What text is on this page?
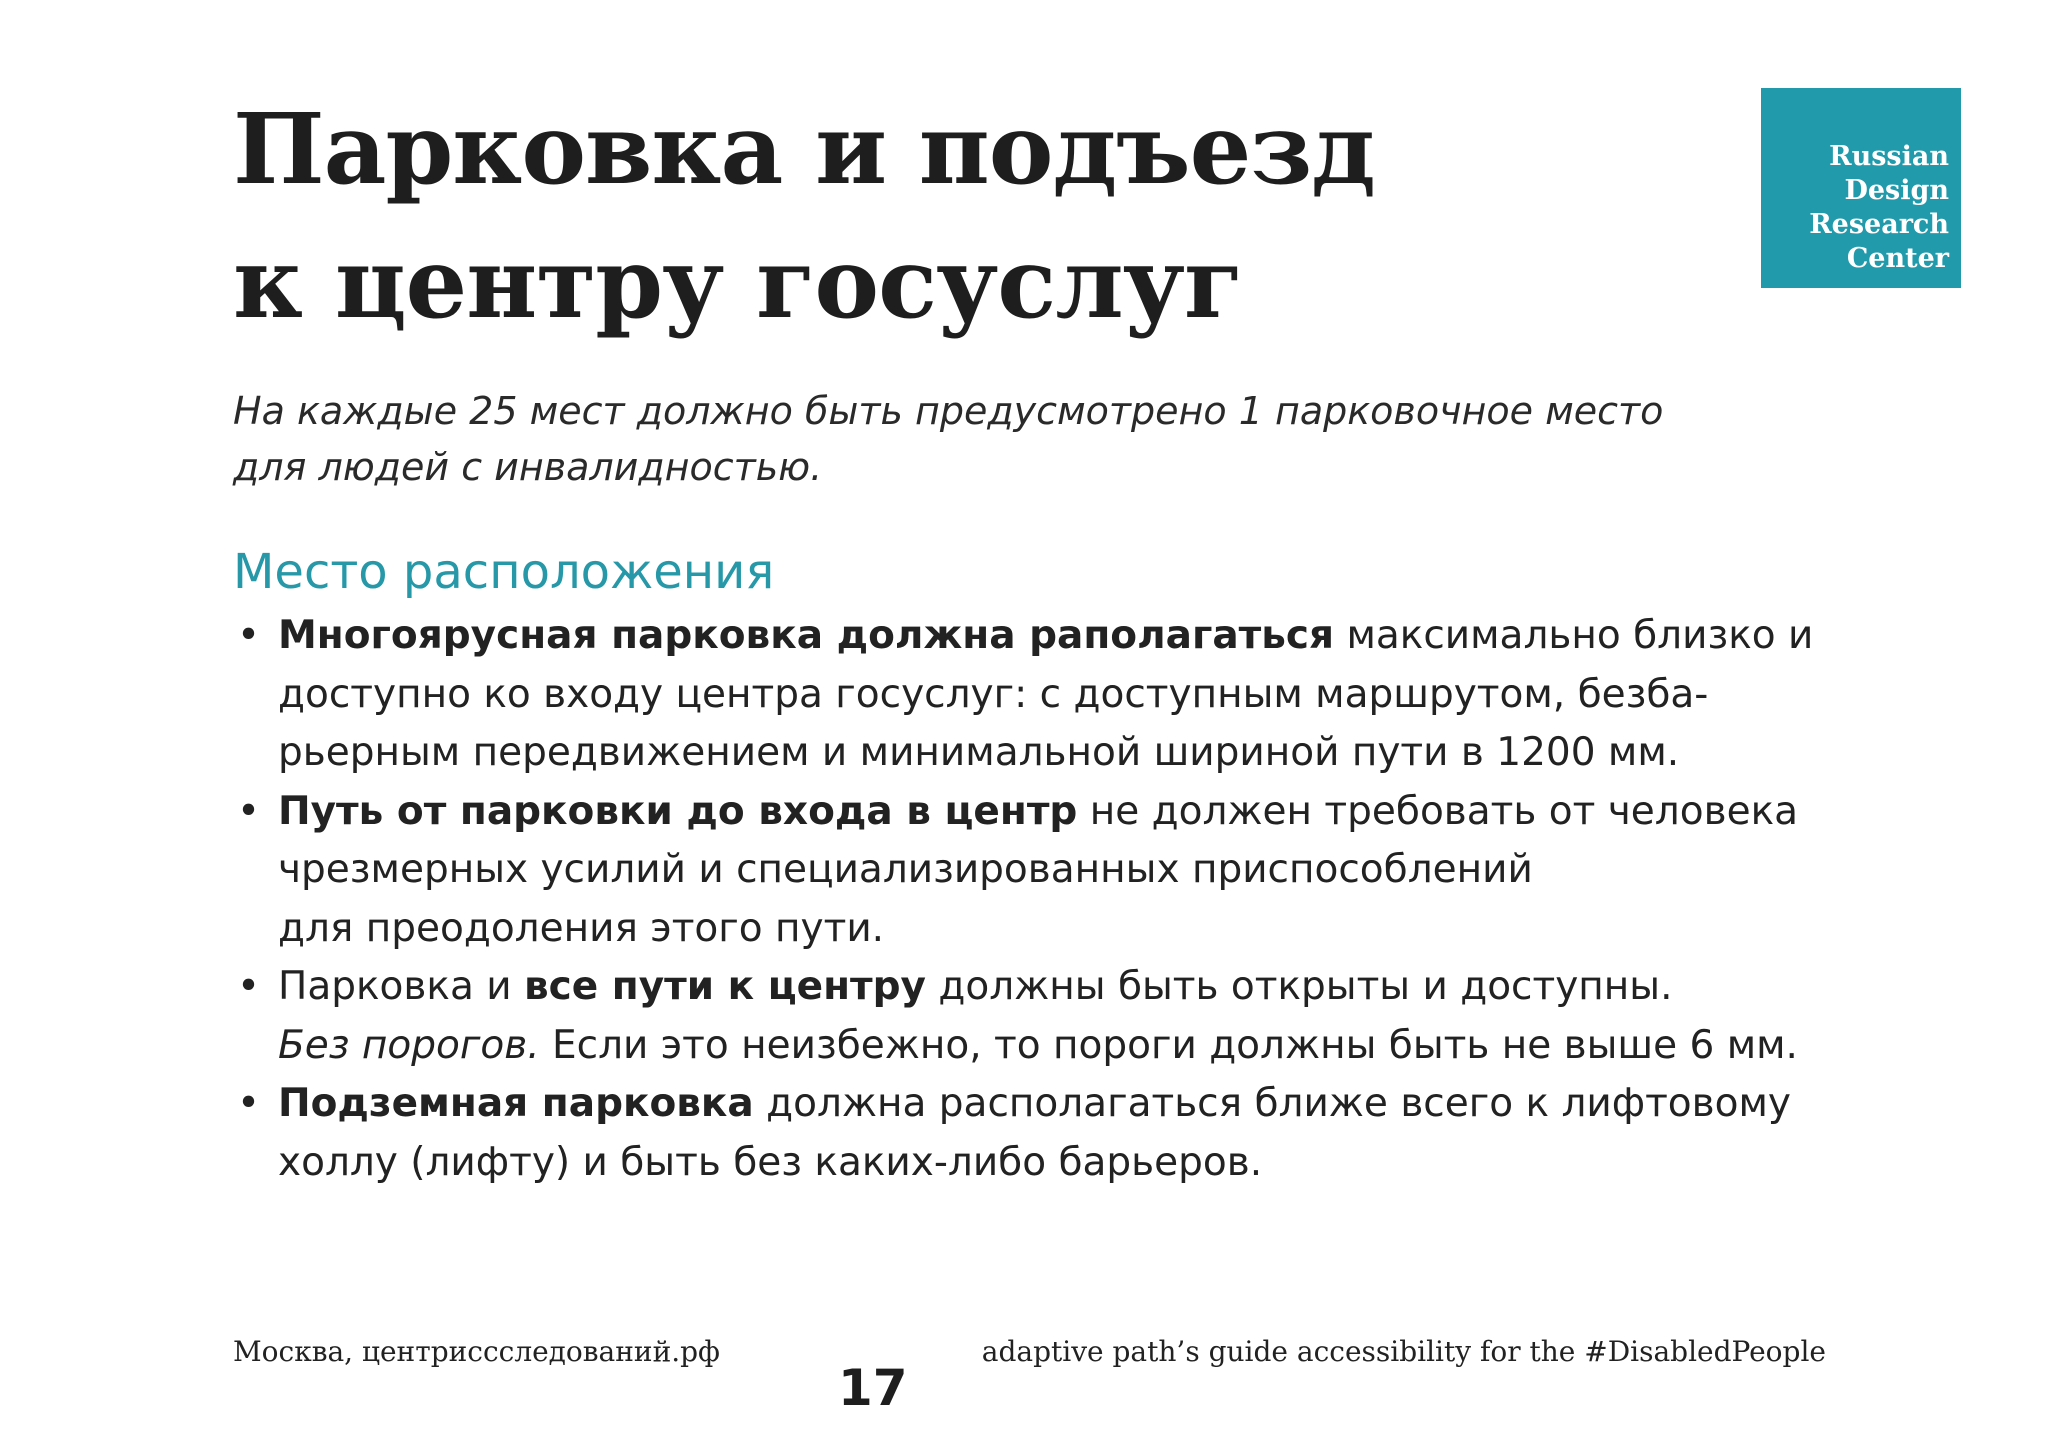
Парковка и подъезд
к центру госуслуг
Russian
Design
Research
Center

На каждые 25 мест должно быть предусмотрено 1 парковочное место
для людей с инвалидностью.

Место расположения
• Многоярусная парковка должна раполагаться максимально близко и
доступно ко входу центра госуслуг: с доступным маршрутом, безба-
рьерным передвижением и минимальной шириной пути в 1200 мм.
• Путь от парковки до входа в центр не должен требовать от человека
чрезмерных усилий и специализированных приспособлений
для преодоления этого пути.
• Парковка и все пути к центру должны быть открыты и доступны.
Без порогов. Если это неизбежно, то пороги должны быть не выше 6 мм.
• Подземная парковка должна располагаться ближе всего к лифтовому
холлу (лифту) и быть без каких-либо барьеров.
Москва, центриссследований.рф	adaptive path’s guide accessibility for the #DisabledPeople
17
